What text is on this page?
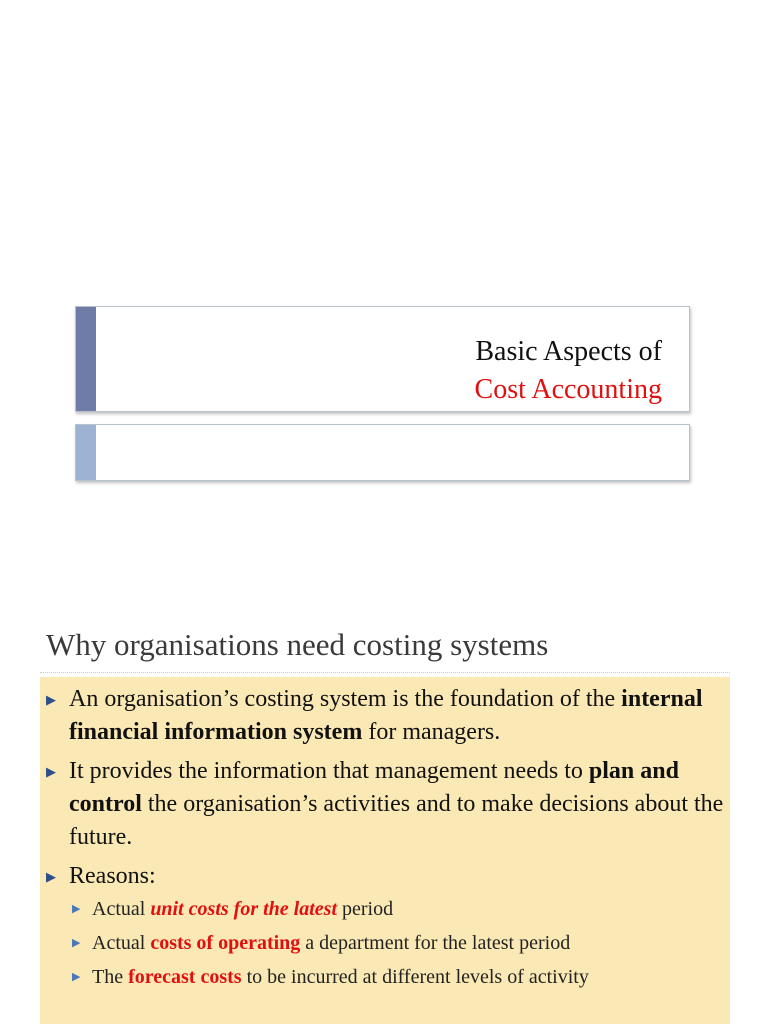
Basic Aspects of
Cost Accounting
Why organisations need costing systems
▶ An organisation’s costing system is the foundation of the internal financial information system for managers.
▶ It provides the information that management needs to plan and control the organisation’s activities and to make decisions about the future.
▶ Reasons:
▶ Actual unit costs for the latest period
▶ Actual costs of operating a department for the latest period
▶ The forecast costs to be incurred at different levels of activity
